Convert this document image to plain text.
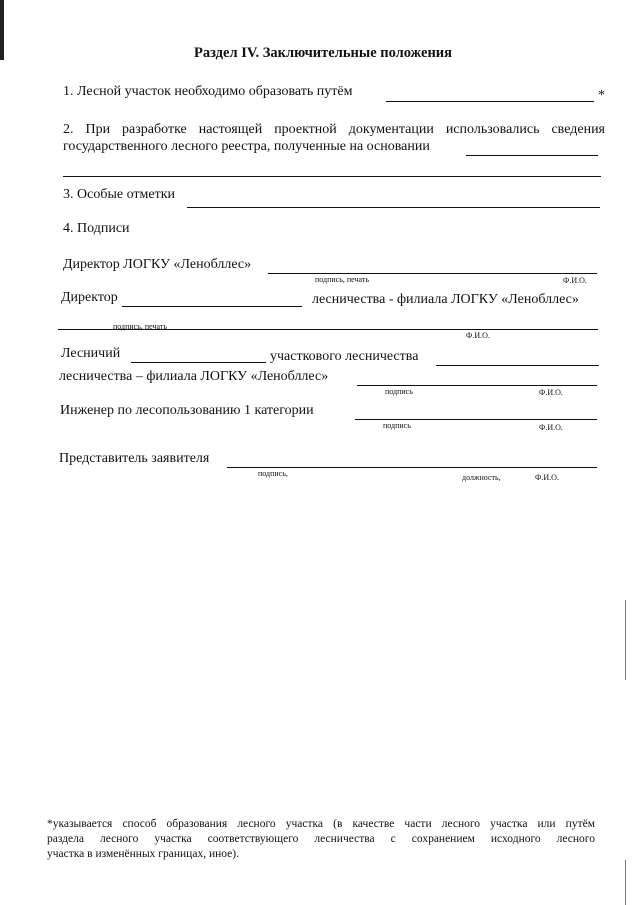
Раздел IV. Заключительные положения
1. Лесной участок необходимо образовать путём	*
2. При разработке настоящей проектной документации использовались сведения
государственного лесного реестра, полученные на основании
3. Особые отметки
4. Подписи
Директор ЛОГКУ «Ленобллес»
подпись, печать	Ф.И.О.
Директор	лесничества - филиала ЛОГКУ «Ленобллес»
подпись, печать
Ф.И.О.
Лесничий	участкового лесничества
лесничества – филиала ЛОГКУ «Ленобллес»
подпись	Ф.И.О.
Инженер по лесопользованию 1 категории
подпись	Ф.И.О.
Представитель заявителя
подпись,	должность,	Ф.И.О.
*указывается способ образования лесного участка (в качестве части лесного участка или путём
раздела лесного участка соответствующего лесничества с сохранением исходного лесного
участка в изменённых границах, иное).
